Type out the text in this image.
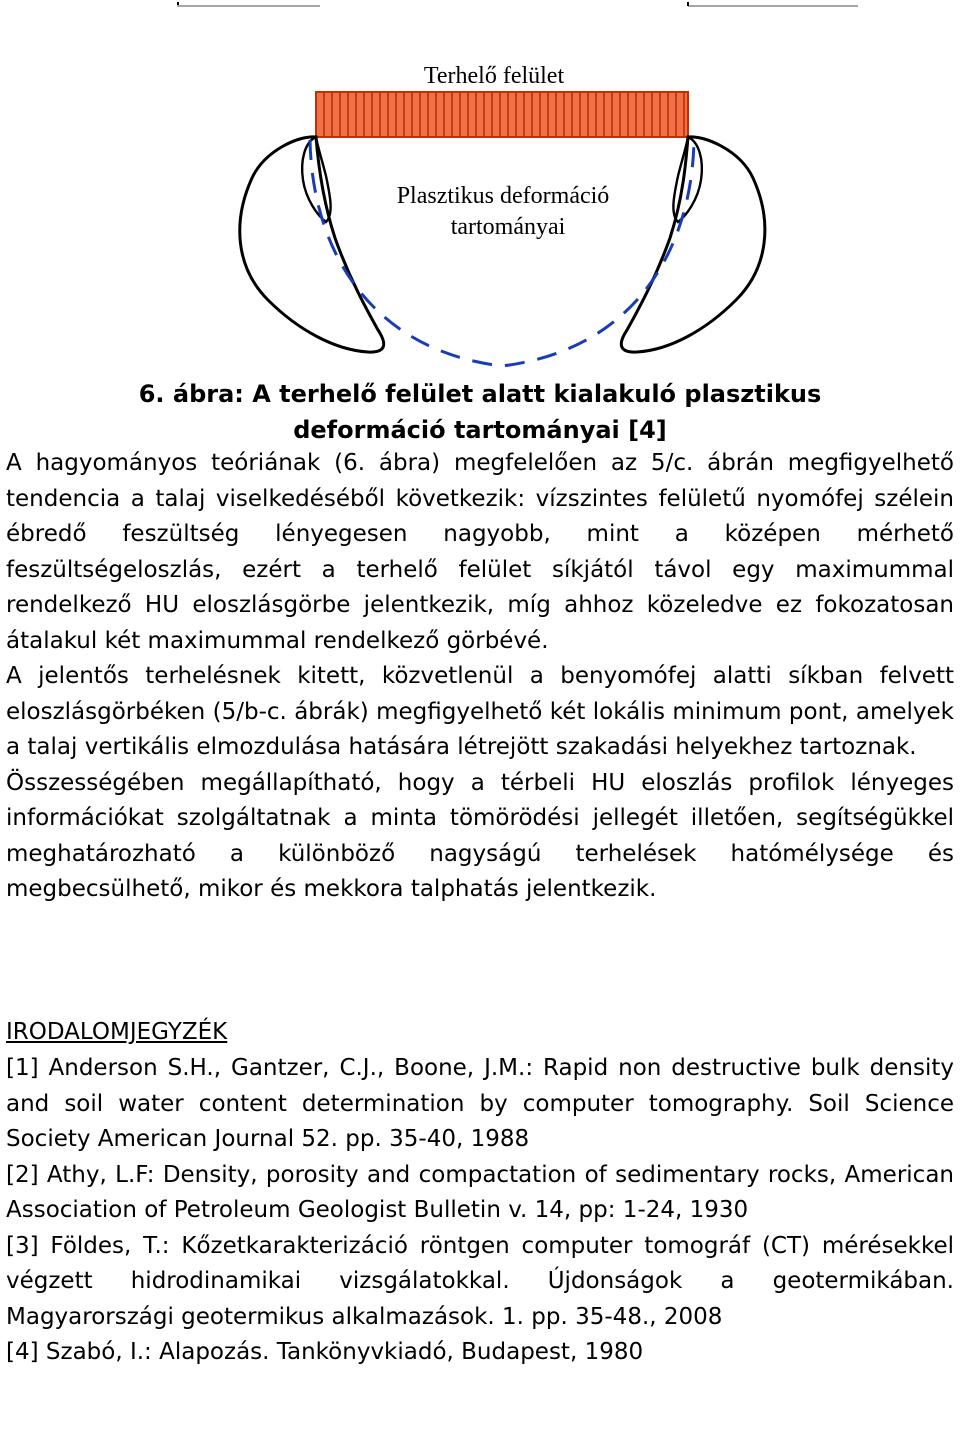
Terhelő felület
Plasztikus deformáció
tartományai
6. ábra: A terhelő felület alatt kialakuló plasztikus
deformáció tartományai [4]

A hagyományos teóriának (6. ábra) megfelelően az 5/c. ábrán megfigyelhető tendencia a talaj viselkedéséből következik: vízszintes felületű nyomófej szélein ébredő feszültség lényegesen nagyobb, mint a középen mérhető feszültségeloszlás, ezért a terhelő felület síkjától távol egy maximummal rendelkező HU eloszlásgörbe jelentkezik, míg ahhoz közeledve ez fokozatosan átalakul két maximummal rendelkező görbévé.

A jelentős terhelésnek kitett, közvetlenül a benyomófej alatti síkban felvett eloszlásgörbéken (5/b-c. ábrák) megfigyelhető két lokális minimum pont, amelyek a talaj vertikális elmozdulása hatására létrejött szakadási helyekhez tartoznak.

Összességében megállapítható, hogy a térbeli HU eloszlás profilok lényeges információkat szolgáltatnak a minta tömörödési jellegét illetően, segítségükkel meghatározható a különböző nagyságú terhelések hatómélysége és megbecsülhető, mikor és mekkora talphatás jelentkezik.

IRODALOMJEGYZÉK

[1] Anderson S.H., Gantzer, C.J., Boone, J.M.: Rapid non destructive bulk density and soil water content determination by computer tomography. Soil Science Society American Journal 52. pp. 35-40, 1988

[2] Athy, L.F: Density, porosity and compactation of sedimentary rocks, American Association of Petroleum Geologist Bulletin v. 14, pp: 1-24, 1930

[3] Földes, T.: Kőzetkarakterizáció röntgen computer tomográf (CT) mérésekkel végzett hidrodinamikai vizsgálatokkal. Újdonságok a geotermikában. Magyarországi geotermikus alkalmazások. 1. pp. 35-48., 2008

[4] Szabó, I.: Alapozás. Tankönyvkiadó, Budapest, 1980
